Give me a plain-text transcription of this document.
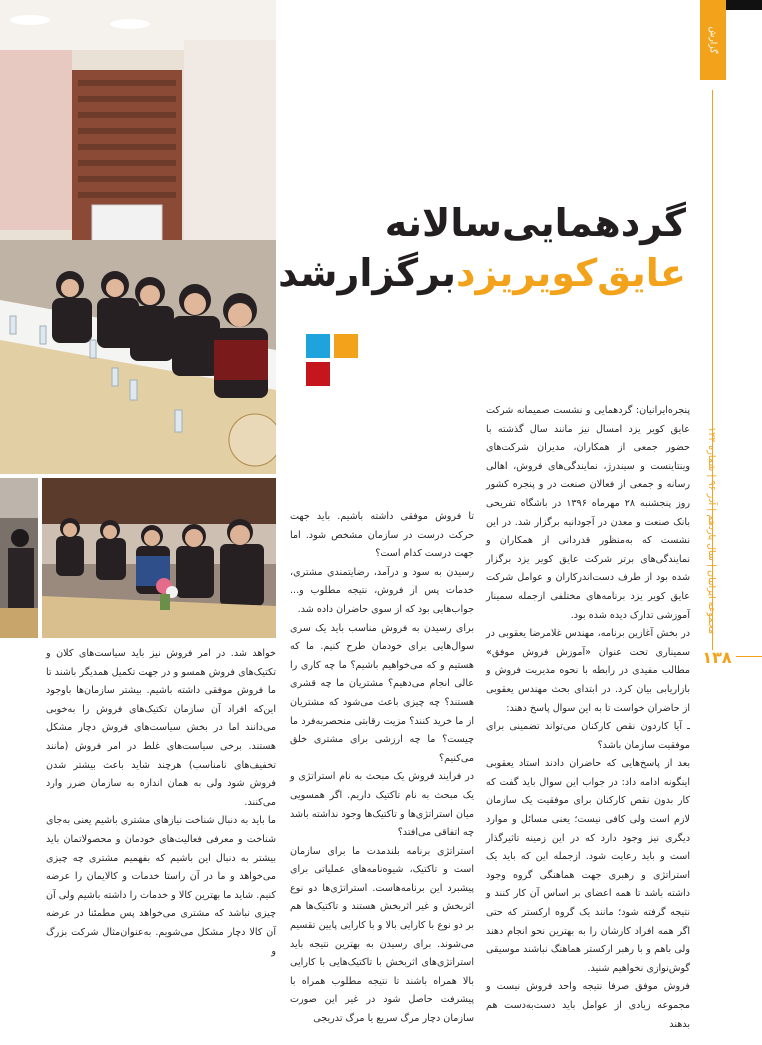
گردهمایی‌سالانه
عایق‌کویریزدبرگزارشد

پنجره‌ایرانیان: گردهمایی و نشست صمیمانه شرکت عایق کویر یزد امسال نیز مانند سال گذشته با حضور جمعی از همکاران، مدیران شرکت‌های وینتاینست و سیندرژ، نمایندگی‌های فروش، اهالی رسانه و جمعی از فعالان صنعت در و پنجره کشور روز پنجشنبه ۲۸ مهرماه ۱۳۹۶ در باشگاه تفریحی بانک صنعت و معدن در آجودانیه برگزار شد. در این نشست که به‌منظور قدردانی از همکاران و نمایندگی‌های برتر شرکت عایق کویر یزد برگزار شده بود از طرف دست‌اندرکاران و عوامل شرکت عایق کویر یزد برنامه‌های مختلفی ازجمله سمینار آموزشی تدارک دیده شده بود.

در بخش آغازین برنامه، مهندس غلامرضا یعقوبی در سمیناری تحت عنوان «آموزش فروش موفق» مطالب مفیدی در رابطه با نحوه مدیریت فروش و بازاریابی بیان کرد. در ابتدای بحث مهندس یعقوبی از حاضران خواست تا به این سوال پاسخ دهند:

ـ آیا کاردون نقص کارکنان می‌تواند تضمینی برای موفقیت سازمان باشد؟

بعد از پاسخ‌هایی که حاضران دادند استاد یعقوبی اینگونه ادامه داد: در جواب این سوال باید گفت که کار بدون نقص کارکنان برای موفقیت یک سازمان لازم است ولی کافی نیست؛ یعنی مسائل و موارد دیگری نیز وجود دارد که در این زمینه تاثیرگذار است و باید رعایت شود. ازجمله این که باید یک استراتژی و رهبری جهت هماهنگی گروه وجود داشته باشد تا همه اعضای بر اساس آن کار کنند و نتیجه گرفته شود؛ مانند یک گروه ارکستر که حتی اگر همه افراد کارشان را به بهترین نحو انجام دهند ولی باهم و با رهبر ارکستر هماهنگ نباشند موسیقی گوش‌نوازی نخواهیم شنید.

فروش موفق صرفا نتیجه واحد فروش نیست و مجموعه زیادی از عوامل باید دست‌به‌دست هم بدهند

تا فروش موفقی داشته باشیم. باید جهت حرکت درست در سازمان مشخص شود. اما جهت درست کدام است؟

رسیدن به سود و درآمد، رضایتمندی مشتری، خدمات پس از فروش، نتیجه مطلوب و... جواب‌هایی بود که از سوی حاضران داده شد.

برای رسیدن به فروش مناسب باید یک سری سوال‌هایی برای خودمان طرح کنیم. ما که هستیم و که می‌خواهیم باشیم؟ ما چه کاری را عالی انجام می‌دهیم؟ مشتریان ما چه قشری هستند؟ چه چیزی باعث می‌شود که مشتریان از ما خرید کنند؟ مزیت رقابتی منحصربه‌فرد ما چیست؟ ما چه ارزشی برای مشتری خلق می‌کنیم؟

در فرایند فروش یک مبحث به نام استراتژی و یک مبحث به نام تاکتیک داریم. اگر همسویی میان استراتژی‌ها و تاکتیک‌ها وجود نداشته باشد چه اتفاقی می‌افتد؟

استراتژی برنامه بلندمدت ما برای سازمان است و تاکتیک، شیوه‌نامه‌های عملیاتی برای پیشبرد این برنامه‌هاست. استراتژی‌ها دو نوع اثربخش و غیر اثربخش هستند و تاکتیک‌ها هم بر دو نوع با کارایی بالا و با کارایی پایین تقسیم می‌شوند. برای رسیدن به بهترین نتیجه باید استراتژی‌های اثربخش با تاکتیک‌هایی با کارایی بالا همراه باشند تا نتیجه مطلوب همراه با پیشرفت حاصل شود در غیر این صورت سازمان دچار مرگ سریع یا مرگ تدریجی

خواهد شد. در امر فروش نیز باید سیاست‌های کلان و تکتیک‌های فروش همسو و در جهت تکمیل همدیگر باشند تا ما فروش موفقی داشته باشیم. بیشتر سازمان‌ها باوجود این‌که افراد آن سازمان تکتیک‌های فروش را به‌خوبی می‌دانند اما در بخش سیاست‌های فروش دچار مشکل هستند. برخی سیاست‌های غلط در امر فروش (مانند تخفیف‌های نامناسب) هرچند شاید باعث بیشتر شدن فروش شود ولی به همان اندازه به سازمان ضرر وارد می‌کنند.

ما باید به دنبال شناخت نیازهای مشتری باشیم یعنی به‌جای شناخت و معرفی فعالیت‌های خودمان و محصولاتمان باید بیشتر به دنبال این باشیم که بفهمیم مشتری چه چیزی می‌خواهد و ما در آن راستا خدمات و کالایمان را عرضه کنیم. شاید ما بهترین کالا و خدمات را داشته باشیم ولی آن چیزی نباشد که مشتری می‌خواهد پس مطمئنا در عرضه آن کالا دچار مشکل می‌شویم. به‌عنوان‌مثال شرکت بزرگ و

گزارش
مجموعه ایرانیان | سال یازدهم | آذر ۹۶ | شماره ۱۲۲
۱۳۸
